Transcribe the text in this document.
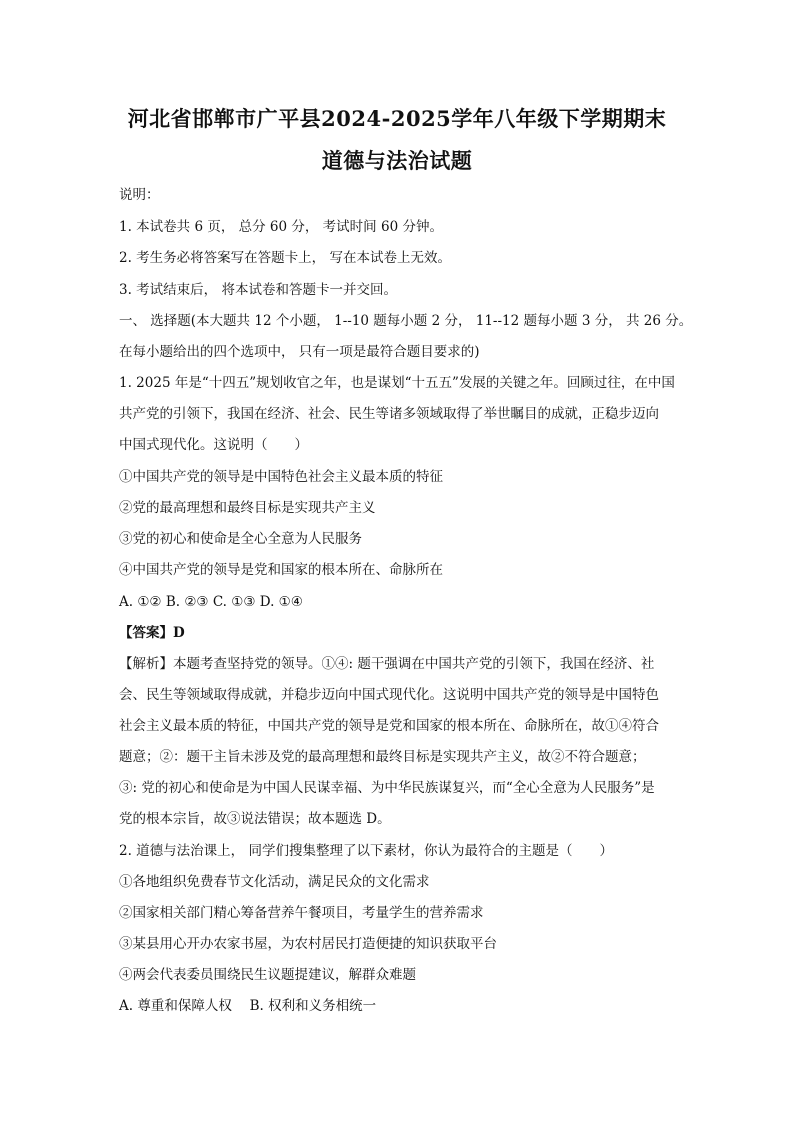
河北省邯郸市广平县2024-2025学年八年级下学期期末
道德与法治试题
说明：
1. 本试卷共 6 页， 总分 60 分， 考试时间 60 分钟。
2. 考生务必将答案写在答题卡上， 写在本试卷上无效。
3. 考试结束后， 将本试卷和答题卡一并交回。
一、 选择题(本大题共 12 个小题， 1--10 题每小题 2 分， 11--12 题每小题 3 分， 共 26 分。
在每小题给出的四个选项中， 只有一项是最符合题目要求的)
1. 2025 年是“十四五”规划收官之年，也是谋划“十五五”发展的关键之年。回顾过往，在中国
共产党的引领下，我国在经济、社会、民生等诸多领域取得了举世瞩目的成就，正稳步迈向
中国式现代化。这说明（　　）
①中国共产党的领导是中国特色社会主义最本质的特征
②党的最高理想和最终目标是实现共产主义
③党的初心和使命是全心全意为人民服务
④中国共产党的领导是党和国家的根本所在、命脉所在
A. ①② B. ②③ C. ①③ D. ①④
【答案】D
【解析】本题考查坚持党的领导。①④: 题干强调在中国共产党的引领下，我国在经济、社
会、民生等领域取得成就，并稳步迈向中国式现代化。这说明中国共产党的领导是中国特色
社会主义最本质的特征，中国共产党的领导是党和国家的根本所在、命脉所在，故①④符合
题意；②：题干主旨未涉及党的最高理想和最终目标是实现共产主义，故②不符合题意；
③: 党的初心和使命是为中国人民谋幸福、为中华民族谋复兴，而“全心全意为人民服务”是
党的根本宗旨，故③说法错误；故本题选 D。
2. 道德与法治课上， 同学们搜集整理了以下素材，你认为最符合的主题是（　　）
①各地组织免费春节文化活动，满足民众的文化需求
②国家相关部门精心筹备营养午餐项目，考量学生的营养需求
③某县用心开办农家书屋，为农村居民打造便捷的知识获取平台
④两会代表委员围绕民生议题提建议，解群众难题
A. 尊重和保障人权　 B. 权利和义务相统一
